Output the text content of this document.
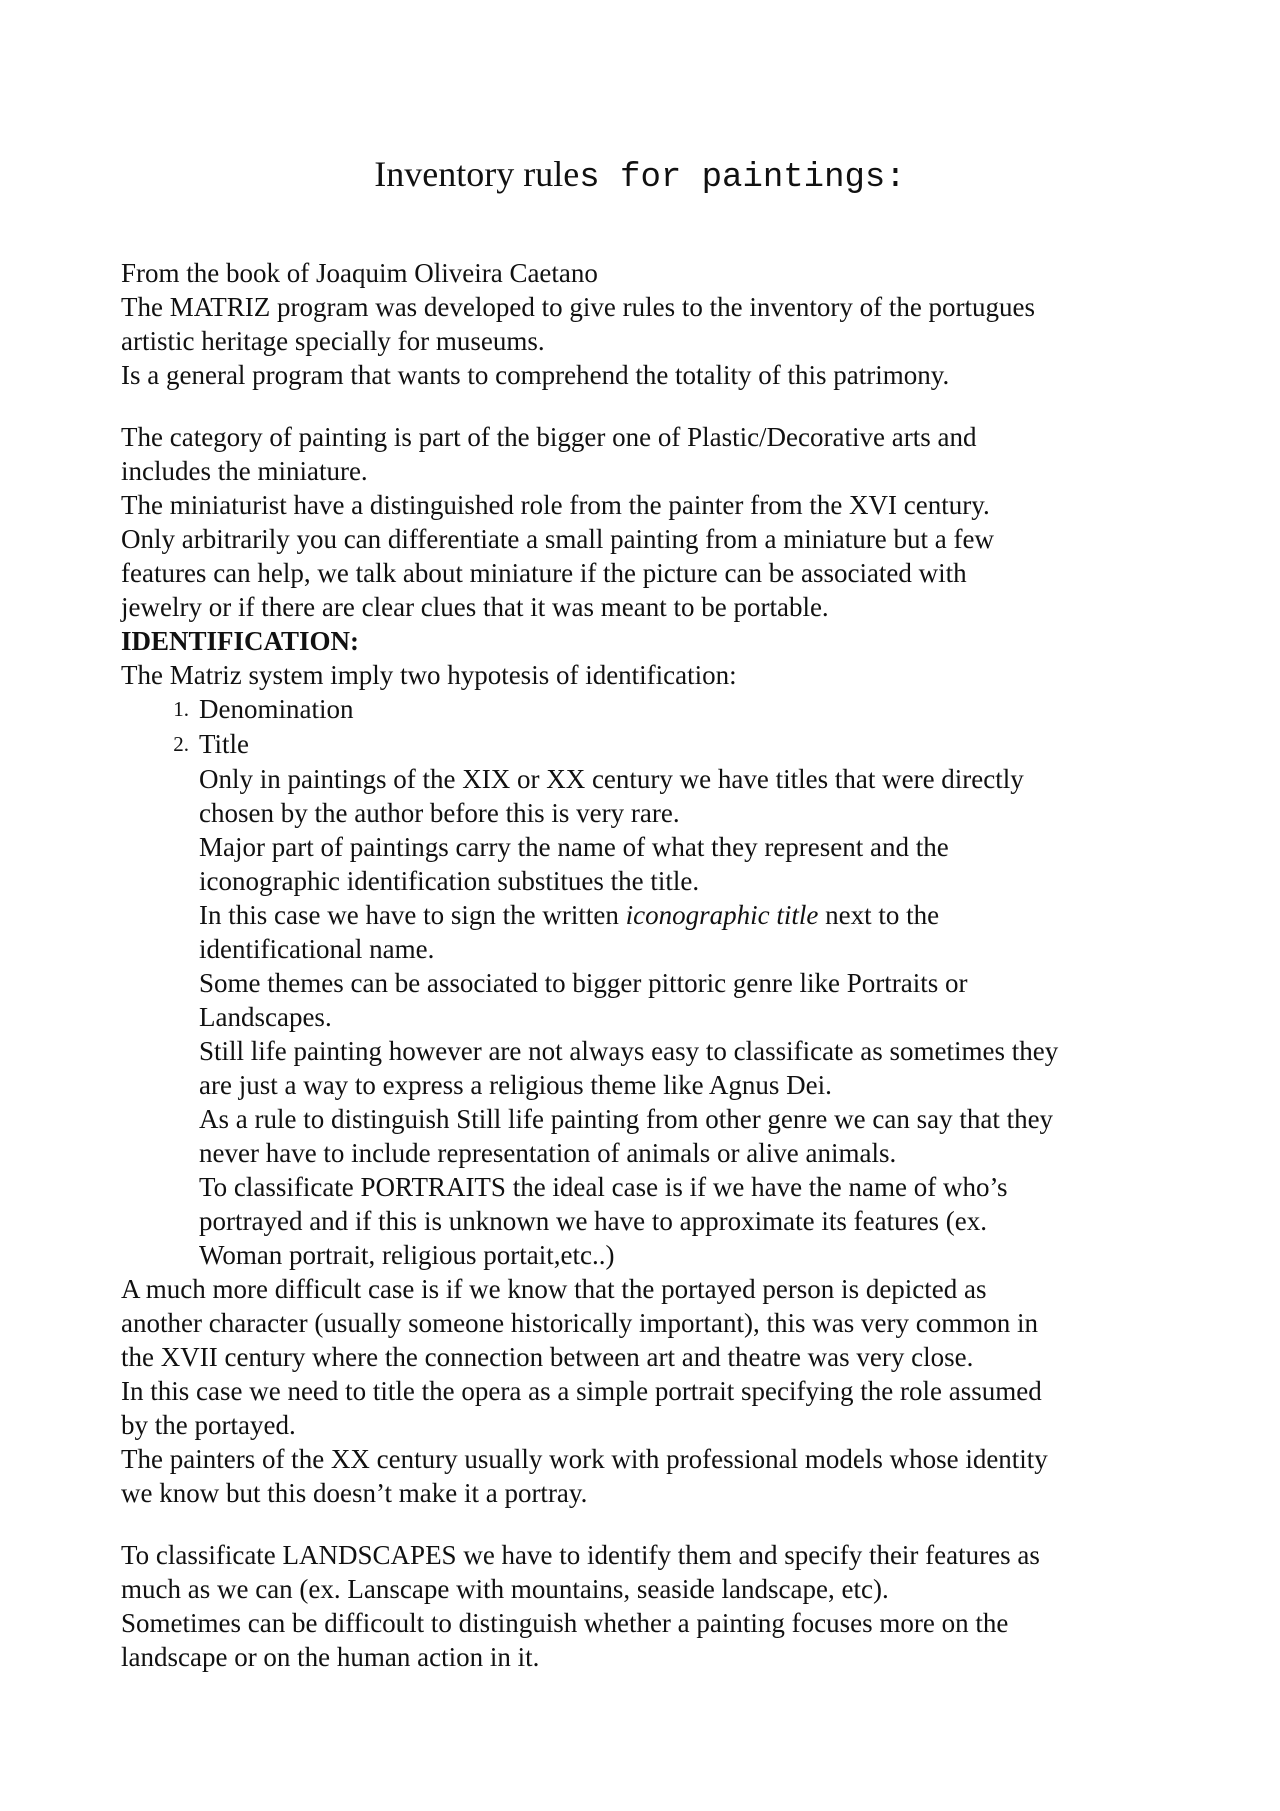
Inventory rules for paintings:
From the book of Joaquim Oliveira Caetano
The MATRIZ program was developed to give rules to the inventory of the portugues
artistic heritage specially for museums.
Is a general program that wants to comprehend the totality of this patrimony.
The category of painting is part of the bigger one of Plastic/Decorative arts and
includes the miniature.
The miniaturist have a distinguished role from the painter from the XVI century.
Only arbitrarily you can differentiate a small painting from a miniature but a few
features can help, we talk about miniature if the picture can be associated with
jewelry or if there are clear clues that it was meant to be portable.
IDENTIFICATION:
The Matriz system imply two hypotesis of identification:
1. Denomination
2. Title
Only in paintings of the XIX or XX century we have titles that were directly
chosen by the author before this is very rare.
Major part of paintings carry the name of what they represent and the
iconographic identification substitues the title.
In this case we have to sign the written iconographic title next to the
identificational name.
Some themes can be associated to bigger pittoric genre like Portraits or
Landscapes.
Still life painting however are not always easy to classificate as sometimes they
are just a way to express a religious theme like Agnus Dei.
As a rule to distinguish Still life painting from other genre we can say that they
never have to include representation of animals or alive animals.
To classificate PORTRAITS the ideal case is if we have the name of who’s
portrayed and if this is unknown we have to approximate its features (ex.
Woman portrait, religious portait,etc..)
A much more difficult case is if we know that the portayed person is depicted as
another character (usually someone historically important), this was very common in
the XVII century where the connection between art and theatre was very close.
In this case we need to title the opera as a simple portrait specifying the role assumed
by the portayed.
The painters of the XX century usually work with professional models whose identity
we know but this doesn’t make it a portray.
To classificate LANDSCAPES we have to identify them and specify their features as
much as we can (ex. Lanscape with mountains, seaside landscape, etc).
Sometimes can be difficoult to distinguish whether a painting focuses more on the
landscape or on the human action in it.
